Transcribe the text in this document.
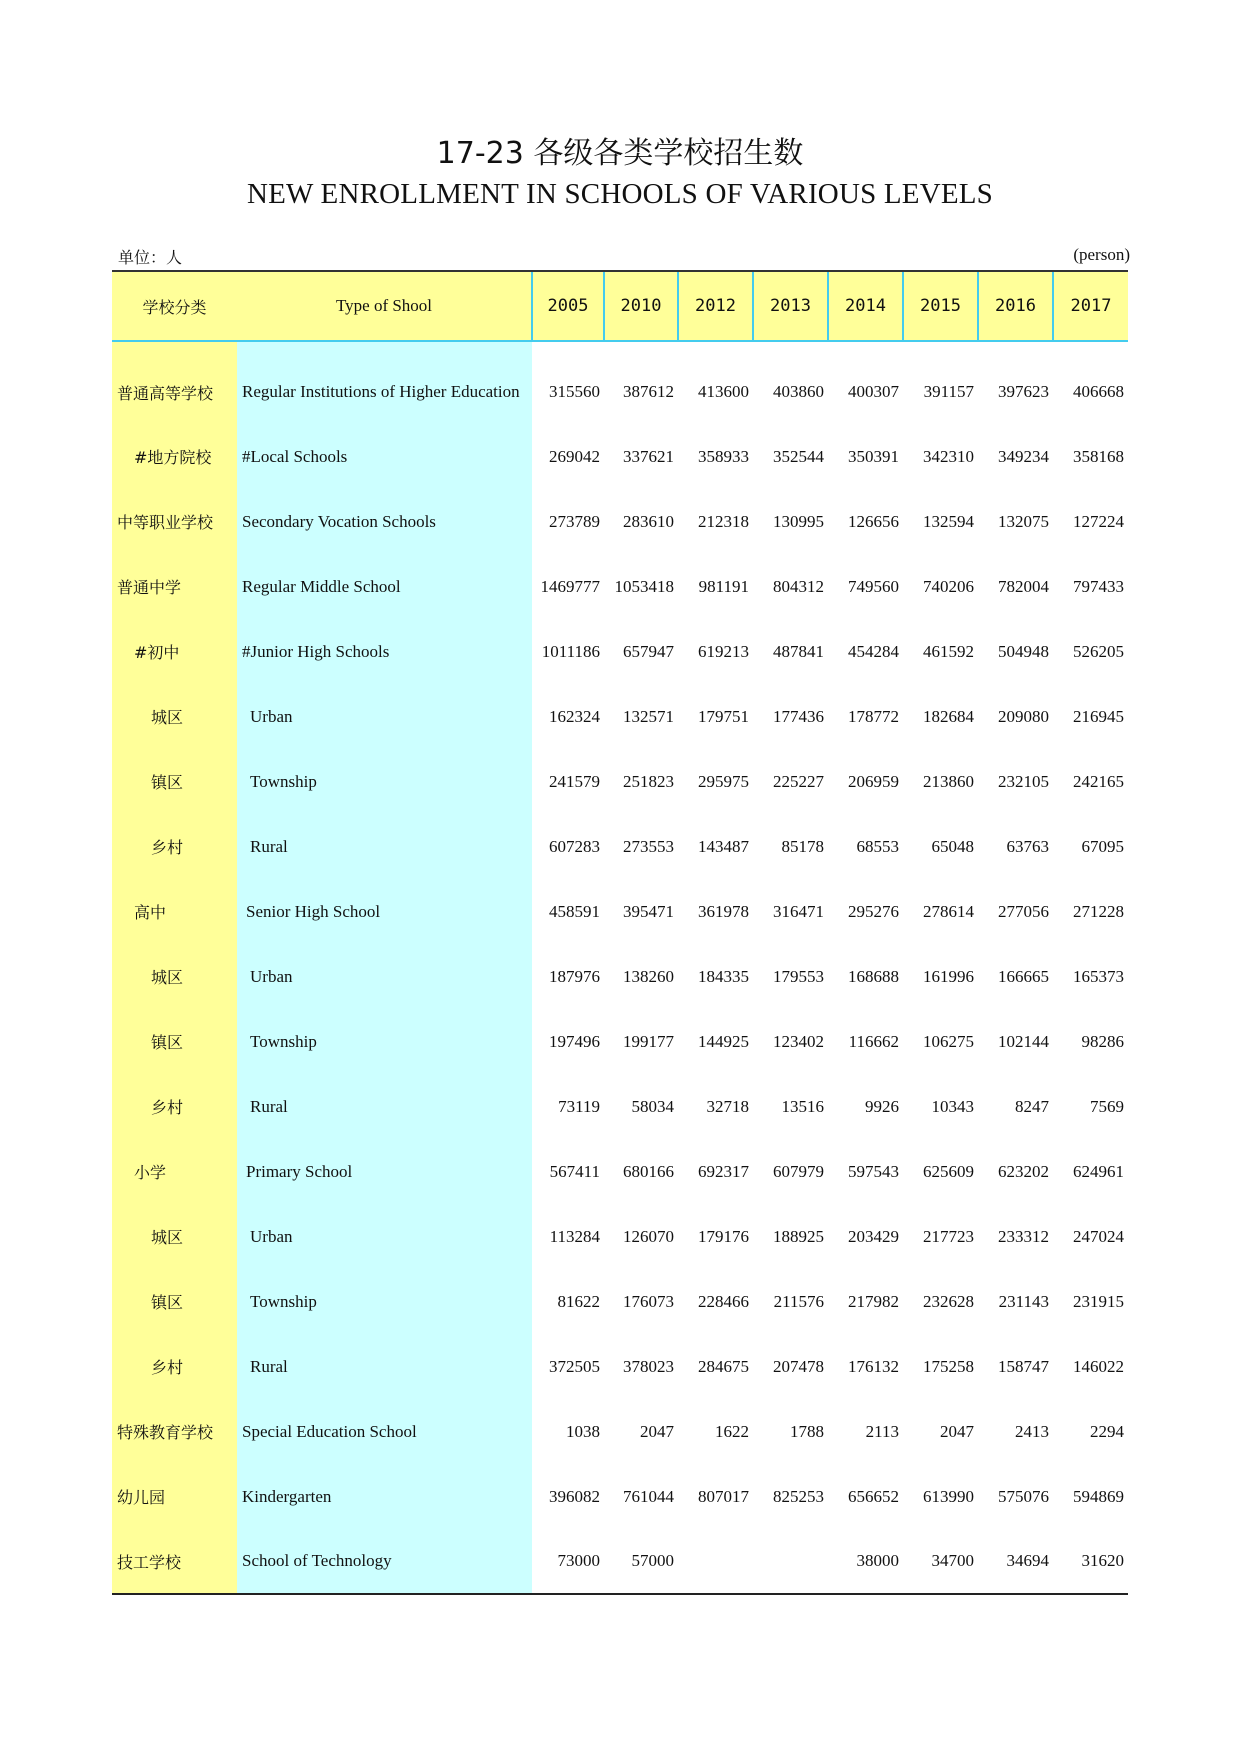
17-23 各级各类学校招生数
NEW ENROLLMENT IN SCHOOLS OF VARIOUS LEVELS
单位：人	(person)
学校分类	Type of Shool	2005	2010	2012	2013	2014	2015	2016	2017
普通高等学校	Regular Institutions of Higher Education	315560	387612	413600	403860	400307	391157	397623	406668
#地方院校	#Local Schools	269042	337621	358933	352544	350391	342310	349234	358168
中等职业学校	Secondary Vocation Schools	273789	283610	212318	130995	126656	132594	132075	127224
普通中学	Regular Middle School	1469777	1053418	981191	804312	749560	740206	782004	797433
#初中	#Junior High Schools	1011186	657947	619213	487841	454284	461592	504948	526205
城区	Urban	162324	132571	179751	177436	178772	182684	209080	216945
镇区	Township	241579	251823	295975	225227	206959	213860	232105	242165
乡村	Rural	607283	273553	143487	85178	68553	65048	63763	67095
高中	Senior High School	458591	395471	361978	316471	295276	278614	277056	271228
城区	Urban	187976	138260	184335	179553	168688	161996	166665	165373
镇区	Township	197496	199177	144925	123402	116662	106275	102144	98286
乡村	Rural	73119	58034	32718	13516	9926	10343	8247	7569
小学	Primary School	567411	680166	692317	607979	597543	625609	623202	624961
城区	Urban	113284	126070	179176	188925	203429	217723	233312	247024
镇区	Township	81622	176073	228466	211576	217982	232628	231143	231915
乡村	Rural	372505	378023	284675	207478	176132	175258	158747	146022
特殊教育学校	Special Education School	1038	2047	1622	1788	2113	2047	2413	2294
幼儿园	Kindergarten	396082	761044	807017	825253	656652	613990	575076	594869
技工学校	School of Technology	73000	57000			38000	34700	34694	31620
